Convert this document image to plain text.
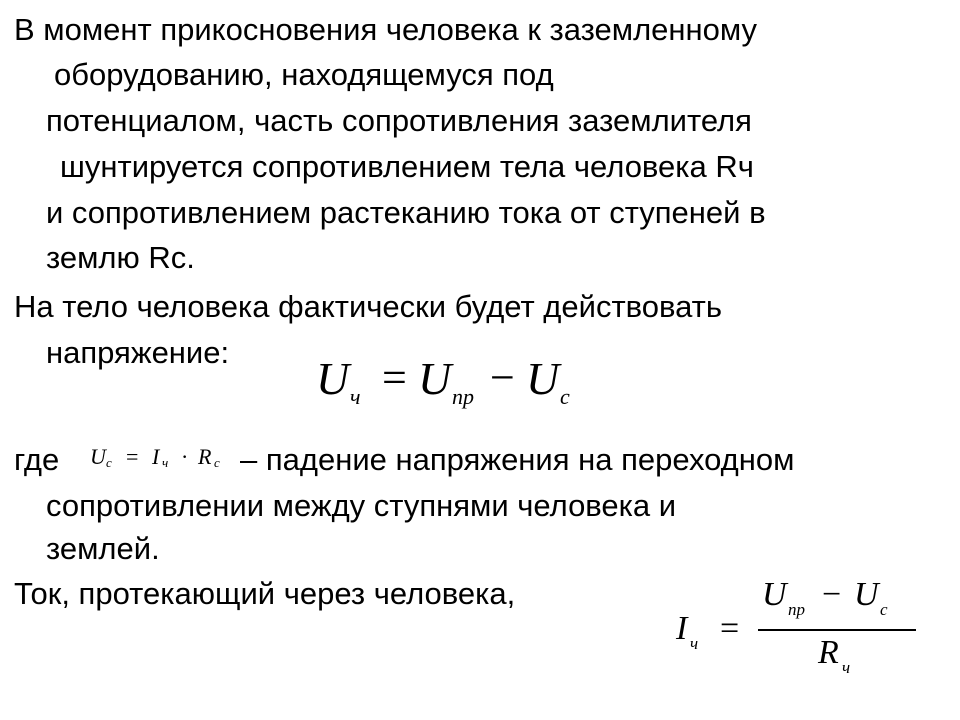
В момент прикосновения человека к заземленному
оборудованию, находящемуся под
потенциалом, часть сопротивления заземлителя
шунтируется сопротивлением тела человека Rч
и сопротивлением растеканию тока от ступеней в
землю Rс.
На тело человека фактически будет действовать
напряжение:
U ч = U пр − U с
где U с = I ч · R с – падение напряжения на переходном
сопротивлении между ступнями человека и
землей.
Ток, протекающий через человека,
I ч =
U пр − U с
R ч
